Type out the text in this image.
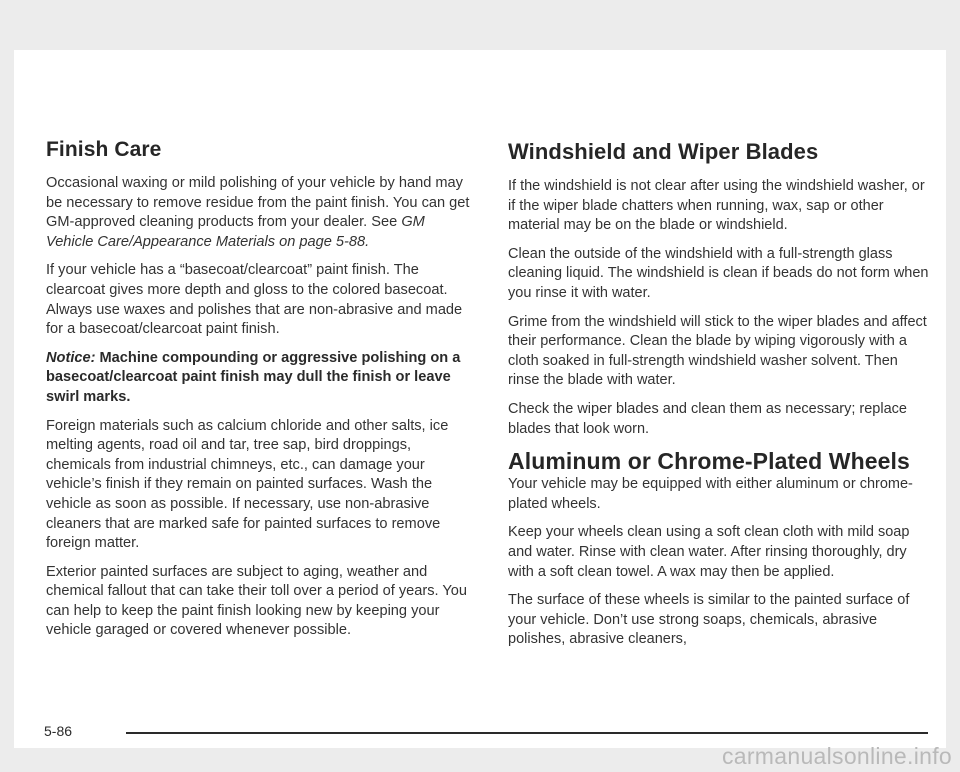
Finish Care

Occasional waxing or mild polishing of your vehicle by hand may be necessary to remove residue from the paint finish. You can get GM-approved cleaning products from your dealer. See GM Vehicle Care/Appearance Materials on page 5-88.

If your vehicle has a “basecoat/clearcoat” paint finish. The clearcoat gives more depth and gloss to the colored basecoat. Always use waxes and polishes that are non-abrasive and made for a basecoat/clearcoat paint finish.

Notice: Machine compounding or aggressive polishing on a basecoat/clearcoat paint finish may dull the finish or leave swirl marks.

Foreign materials such as calcium chloride and other salts, ice melting agents, road oil and tar, tree sap, bird droppings, chemicals from industrial chimneys, etc., can damage your vehicle’s finish if they remain on painted surfaces. Wash the vehicle as soon as possible. If necessary, use non-abrasive cleaners that are marked safe for painted surfaces to remove foreign matter.

Exterior painted surfaces are subject to aging, weather and chemical fallout that can take their toll over a period of years. You can help to keep the paint finish looking new by keeping your vehicle garaged or covered whenever possible.

Windshield and Wiper Blades

If the windshield is not clear after using the windshield washer, or if the wiper blade chatters when running, wax, sap or other material may be on the blade or windshield.

Clean the outside of the windshield with a full-strength glass cleaning liquid. The windshield is clean if beads do not form when you rinse it with water.

Grime from the windshield will stick to the wiper blades and affect their performance. Clean the blade by wiping vigorously with a cloth soaked in full-strength windshield washer solvent. Then rinse the blade with water.

Check the wiper blades and clean them as necessary; replace blades that look worn.

Aluminum or Chrome-Plated Wheels

Your vehicle may be equipped with either aluminum or chrome-plated wheels.

Keep your wheels clean using a soft clean cloth with mild soap and water. Rinse with clean water. After rinsing thoroughly, dry with a soft clean towel. A wax may then be applied.

The surface of these wheels is similar to the painted surface of your vehicle. Don’t use strong soaps, chemicals, abrasive polishes, abrasive cleaners,

5-86
carmanualsonline.info
